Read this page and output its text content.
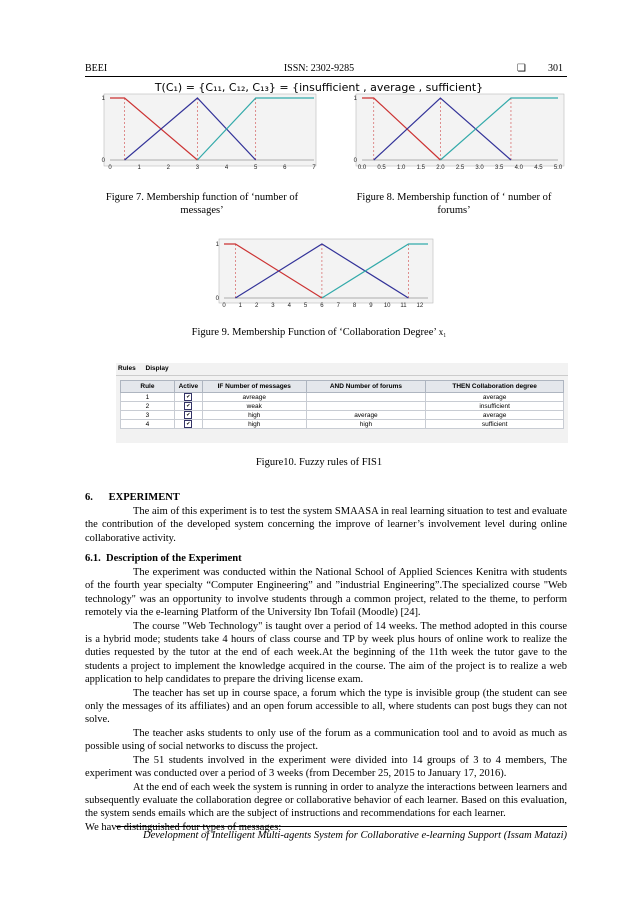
BEEI	ISSN: 2302-9285	❏ 301
T(C₁) = {C₁₁, C₁₂, C₁₃} = {insufficient , average , sufficient}
0	1	2	3	4	5	6	7
1
0
Figure 7. Membership function of ‘number of
messages’
0.0 0.5 1.0 1.5 2.0 2.5 3.0 3.5 4.0 4.5 5.0
1
0
Figure 8. Membership function of ‘ number of
forums’
0 1 2 3 4 5 6 7 8 9 10 11 12
1
0
Figure 9. Membership Function of ‘Collaboration Degree’ x₁
Rules Display
Rule	Active	IF Number of messages	AND Number of forums	THEN Collaboration degree
1	✔	avreage		average
2	✔	weak		insufficient
3	✔	high	average	average
4	✔	high	high	sufficient
Figure10. Fuzzy rules of FIS1
6.      EXPERIMENT

The aim of this experiment is to test the system SMAASA in real learning situation to test and evaluate the contribution of the developed system concerning the improve of learner’s involvement level during online collaborative activity.

6.1.  Description of the Experiment

The experiment was conducted within the National School of Applied Sciences Kenitra with students of the fourth year specialty “Computer Engineering” and ”industrial Engineering”.The specialized course "Web technology" was an opportunity to involve students through a common project, related to the theme, to perform remotely via the e-learning Platform of the University Ibn Tofail (Moodle) [24].

The course "Web Technology" is taught over a period of 14 weeks. The method adopted in this course is a hybrid mode; students take 4 hours of class course and TP by week plus hours of online work to realize the duties requested by the tutor at the end of each week.At the beginning of the 11th week the tutor gave to the students a project to implement the knowledge acquired in the course. The aim of the project is to realize a web application to help candidates to prepare the driving license exam.

The teacher has set up in course space, a forum which the type is invisible group (the student can see only the messages of its affiliates) and an open forum accessible to all, where students can post bugs they can not solve.

The teacher asks students to only use of the forum as a communication tool and to avoid as much as possible using of social networks to discuss the project.

The 51 students involved in the experiment were divided into 14 groups of 3 to 4 members, The experiment was conducted over a period of 3 weeks (from December 25, 2015 to January 17, 2016).

At the end of each week the system is running in order to analyze the interactions between learners and subsequently evaluate the collaboration degree or collaborative behavior of each learner. Based on this evaluation, the system sends emails which are the subject of instructions and recommendations for each learner.

We have distinguished four types of messages:

Development of Intelligent Multi-agents System for Collaborative e-learning Support (Issam Matazi)
